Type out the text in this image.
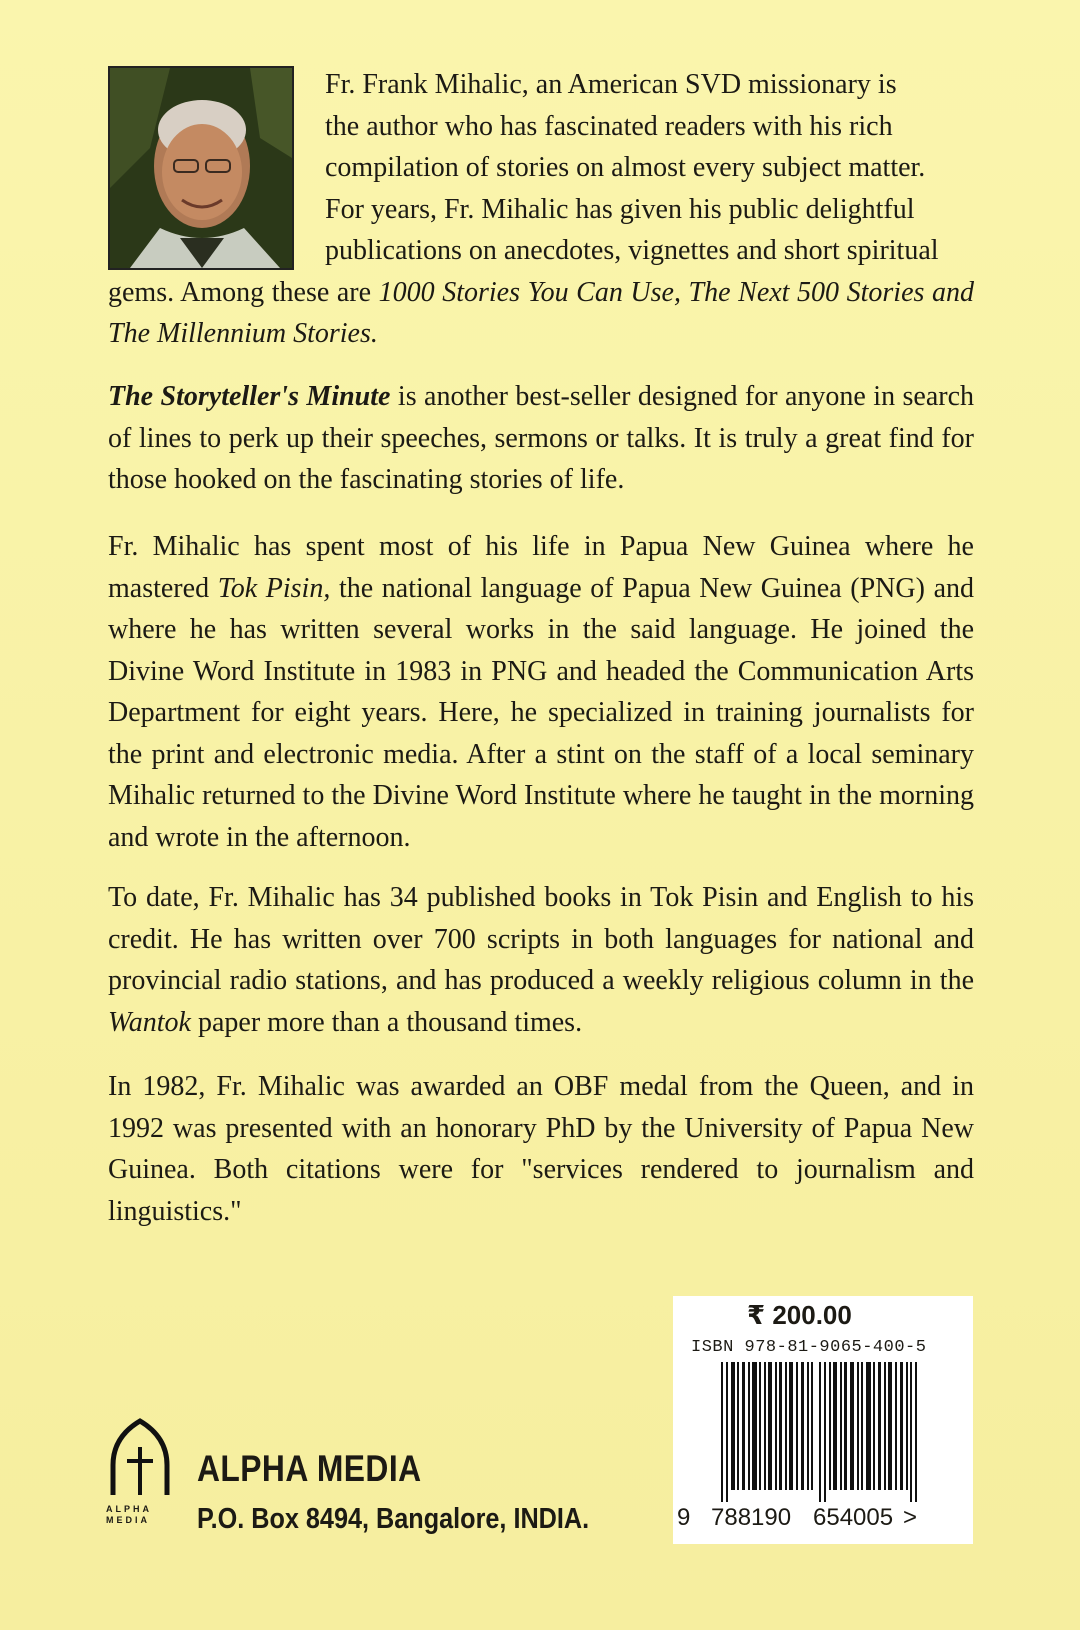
Fr. Frank Mihalic, an American SVD missionary is
the author who has fascinated readers with his rich
compilation of stories on almost every subject matter.
For years, Fr. Mihalic has given his public delightful
publications on anecdotes, vignettes and short spiritual
gems. Among these are 1000 Stories You Can Use, The Next 500 Stories and The Millennium Stories.
The Storyteller's Minute is another best-seller designed for anyone in search of lines to perk up their speeches, sermons or talks. It is truly a great find for those hooked on the fascinating stories of life.
Fr. Mihalic has spent most of his life in Papua New Guinea where he mastered Tok Pisin, the national language of Papua New Guinea (PNG) and where he has written several works in the said language. He joined the Divine Word Institute in 1983 in PNG and headed the Communication Arts Department for eight years. Here, he specialized in training journalists for the print and electronic media. After a stint on the staff of a local seminary Mihalic returned to the Divine Word Institute where he taught in the morning and wrote in the afternoon.
To date, Fr. Mihalic has 34 published books in Tok Pisin and English to his credit. He has written over 700 scripts in both languages for national and provincial radio stations, and has produced a weekly religious column in the Wantok paper more than a thousand times.
In 1982, Fr. Mihalic was awarded an OBF medal from the Queen, and in 1992 was presented with an honorary PhD by the University of Papua New Guinea. Both citations were for "services rendered to journalism and linguistics."
₹ 200.00
ISBN 978-81-9065-400-5
9 788190 654005 >
ALPHA
MEDIA
ALPHA MEDIA
P.O. Box 8494, Bangalore, INDIA.
